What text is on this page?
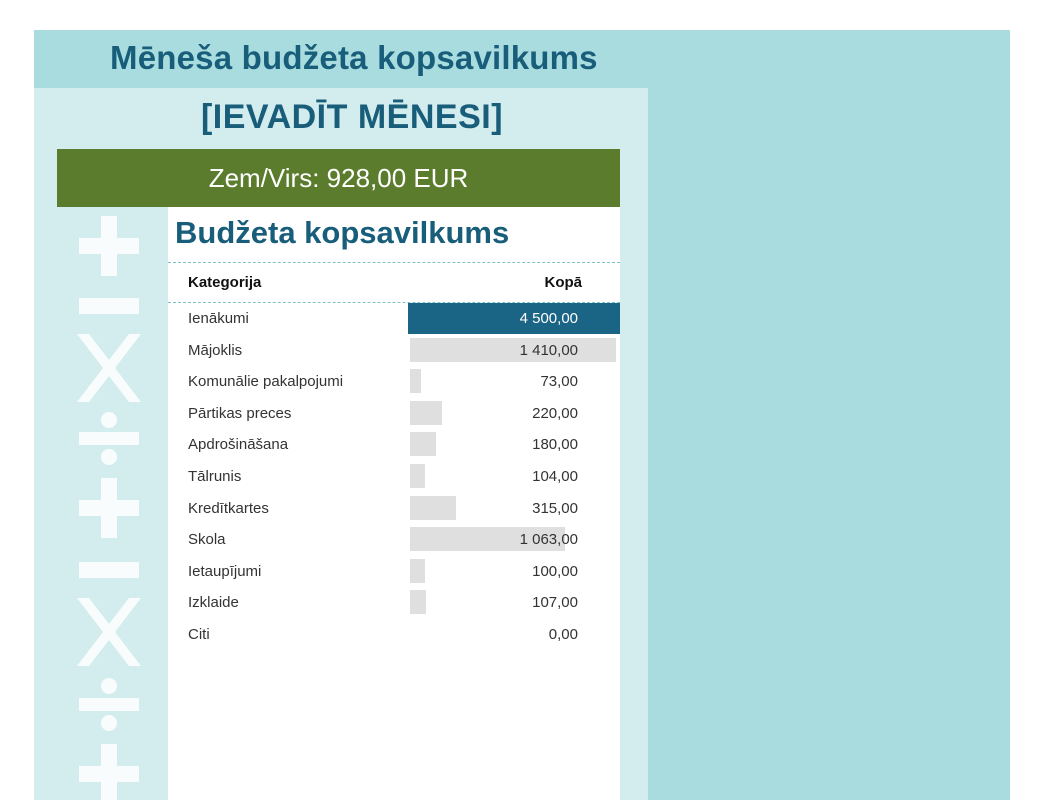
Mēneša budžeta kopsavilkums
[IEVADĪT MĒNESI]
Zem/Virs: 928,00 EUR
Budžeta kopsavilkums
Kategorija	Kopā
Ienākumi	4 500,00
Mājoklis	1 410,00
Komunālie pakalpojumi	73,00
Pārtikas preces	220,00
Apdrošināšana	180,00
Tālrunis	104,00
Kredītkartes	315,00
Skola	1 063,00
Ietaupījumi	100,00
Izklaide	107,00
Citi	0,00
